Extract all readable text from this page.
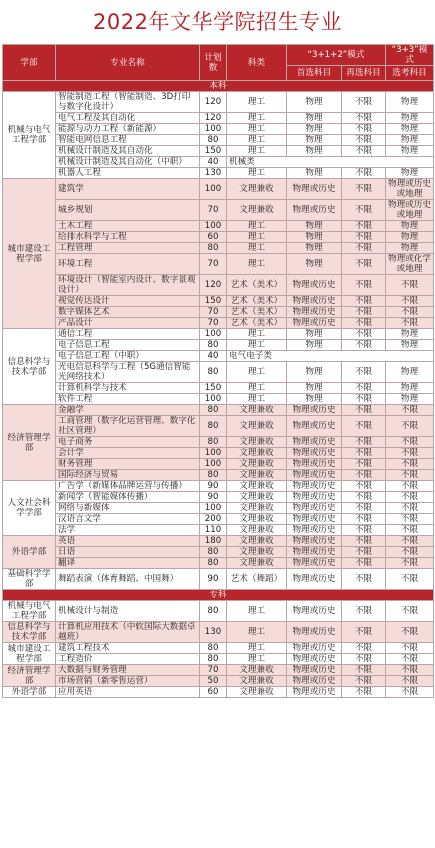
2022年文华学院招生专业
学部	专业名称	计划数	科类	“3+1+2”模式		“3+3”模式
				首选科目	再选科目	选考科目
本科						
机械与电气工程学部	智能制造工程（智能制造、3D打印与数字化设计）	120	理工	物理	不限	物理
	电气工程及其自动化	120	理工	物理	不限	物理
	能源与动力工程（新能源）	100	理工	物理	不限	物理
	智能电网信息工程	80	理工	物理	不限	物理
	机械设计制造及其自动化	150	理工	物理	不限	物理
	机械设计制造及其自动化（中职）	40	机械类			
	机器人工程	130	理工	物理	不限	物理
城市建设工程学部	建筑学	100	文理兼收	物理或历史	不限	物理或历史或地理
	城乡规划	70	文理兼收	物理或历史	不限	物理或历史或地理
	土木工程	100	理工	物理	不限	物理
	给排水科学与工程	60	理工	物理	不限	物理
	工程管理	80	理工	物理	不限	物理
	环境工程	70	理工	物理	不限	物理或化学或地理
	环境设计（智能室内设计、数字景观设计）	120	艺术（美术）	物理或历史	不限	不限
	视觉传达设计	150	艺术（美术）	物理或历史	不限	不限
	数字媒体艺术	70	艺术（美术）	物理或历史	不限	不限
	产品设计	70	艺术（美术）	物理或历史	不限	不限
信息科学与技术学部	通信工程	100	理工	物理	不限	物理
	电子信息工程	80	理工	物理	不限	物理
	电子信息工程（中职）	40	电气电子类			
	光电信息科学与工程（5G通信智能光网络技术）	80	理工	物理	不限	物理
	计算机科学与技术	150	理工	物理	不限	物理
	软件工程	100	理工	物理	不限	物理
经济管理学部	金融学	80	文理兼收	物理或历史	不限	不限
	工商管理（数字化运营管理、数字化社区管理）	80	文理兼收	物理或历史	不限	不限
	电子商务	80	文理兼收	物理或历史	不限	不限
	会计学	100	文理兼收	物理或历史	不限	不限
	财务管理	100	文理兼收	物理或历史	不限	不限
	国际经济与贸易	80	文理兼收	物理或历史	不限	不限
人文社会科学学部	广告学（新媒体品牌运营与传播）	90	文理兼收	物理或历史	不限	不限
	新闻学（智能媒体传播）	90	文理兼收	物理或历史	不限	不限
	网络与新媒体	100	文理兼收	物理或历史	不限	不限
	汉语言文学	200	文理兼收	物理或历史	不限	不限
	法学	110	文理兼收	物理或历史	不限	不限
外语学部	英语	180	文理兼收	物理或历史	不限	不限
	日语	80	文理兼收	物理或历史	不限	不限
	翻译	80	文理兼收	物理或历史	不限	不限
基础科学学部	舞蹈表演（体育舞蹈、中国舞）	90	艺术（舞蹈）	物理或历史	不限	不限
专科						
机械与电气工程学部	机械设计与制造	80	理工	物理或历史	不限	不限
信息科学与技术学部	计算机应用技术（中软国际大数据卓越班）	130	理工	物理或历史	不限	不限
城市建设工程学部	建筑工程技术	80	理工	物理或历史	不限	不限
	工程造价	80	理工	物理或历史	不限	不限
经济管理学部	大数据与财务管理	70	文理兼收	物理或历史	不限	不限
	市场营销（新零售运营）	50	文理兼收	物理或历史	不限	不限
外语学部	应用英语	60	文理兼收	物理或历史	不限	不限
